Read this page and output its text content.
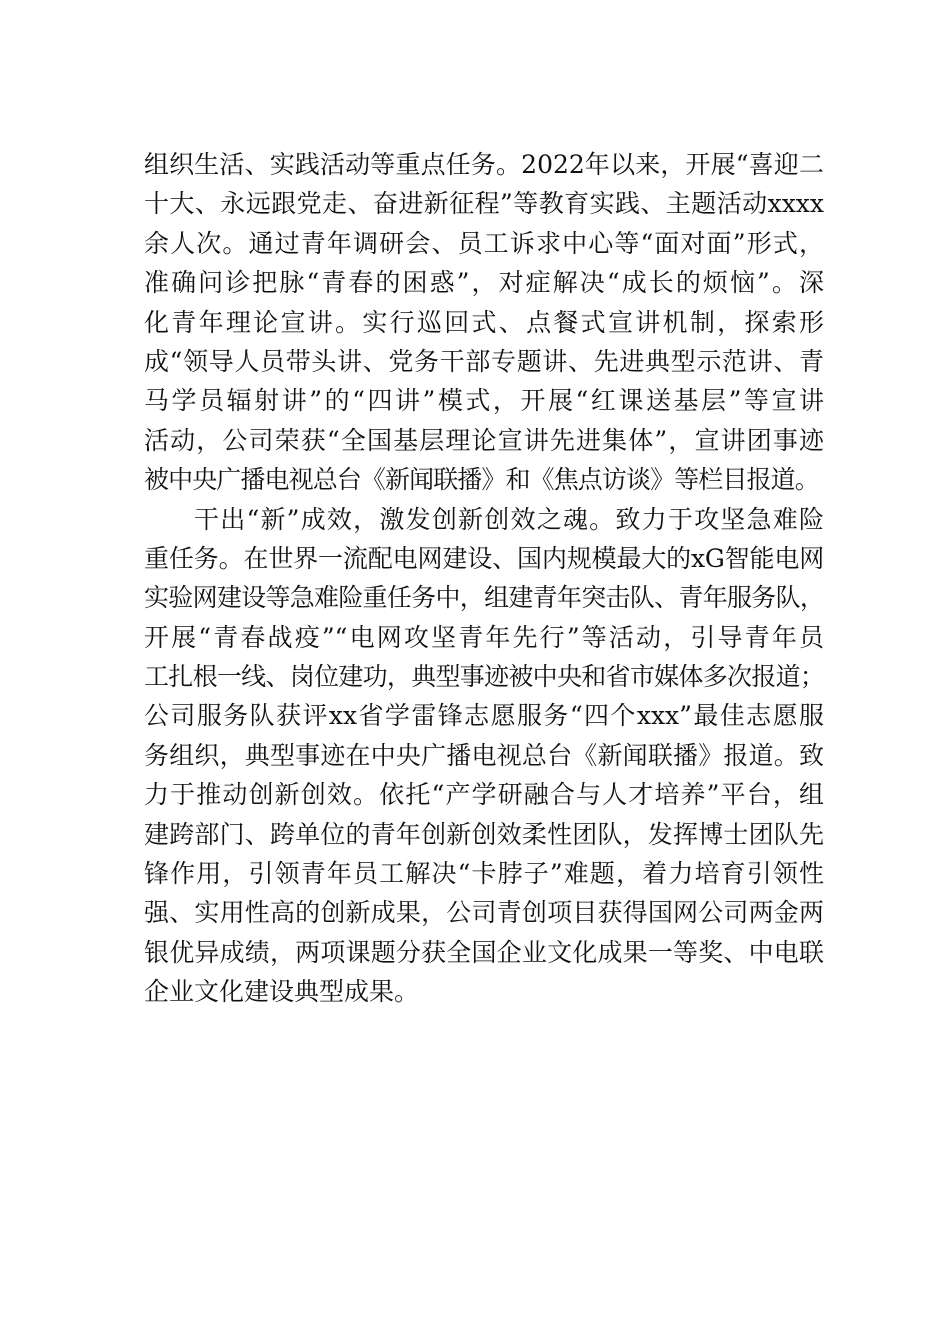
组织生活、实践活动等重点任务。2022年以来，开展“喜迎二
十大、永远跟党走、奋进新征程”等教育实践、主题活动xxxx
余人次。通过青年调研会、员工诉求中心等“面对面”形式，
准确问诊把脉“青春的困惑”，对症解决“成长的烦恼”。深
化青年理论宣讲。实行巡回式、点餐式宣讲机制，探索形
成“领导人员带头讲、党务干部专题讲、先进典型示范讲、青
马学员辐射讲”的“四讲”模式，开展“红课送基层”等宣讲
活动，公司荣获“全国基层理论宣讲先进集体”，宣讲团事迹
被中央广播电视总台《新闻联播》和《焦点访谈》等栏目报道。
干出“新”成效，激发创新创效之魂。致力于攻坚急难险
重任务。在世界一流配电网建设、国内规模最大的xG智能电网
实验网建设等急难险重任务中，组建青年突击队、青年服务队，
开展“青春战疫”“电网攻坚青年先行”等活动，引导青年员
工扎根一线、岗位建功，典型事迹被中央和省市媒体多次报道；
公司服务队获评xx省学雷锋志愿服务“四个xxx”最佳志愿服
务组织，典型事迹在中央广播电视总台《新闻联播》报道。致
力于推动创新创效。依托“产学研融合与人才培养”平台，组
建跨部门、跨单位的青年创新创效柔性团队，发挥博士团队先
锋作用，引领青年员工解决“卡脖子”难题，着力培育引领性
强、实用性高的创新成果，公司青创项目获得国网公司两金两
银优异成绩，两项课题分获全国企业文化成果一等奖、中电联
企业文化建设典型成果。
